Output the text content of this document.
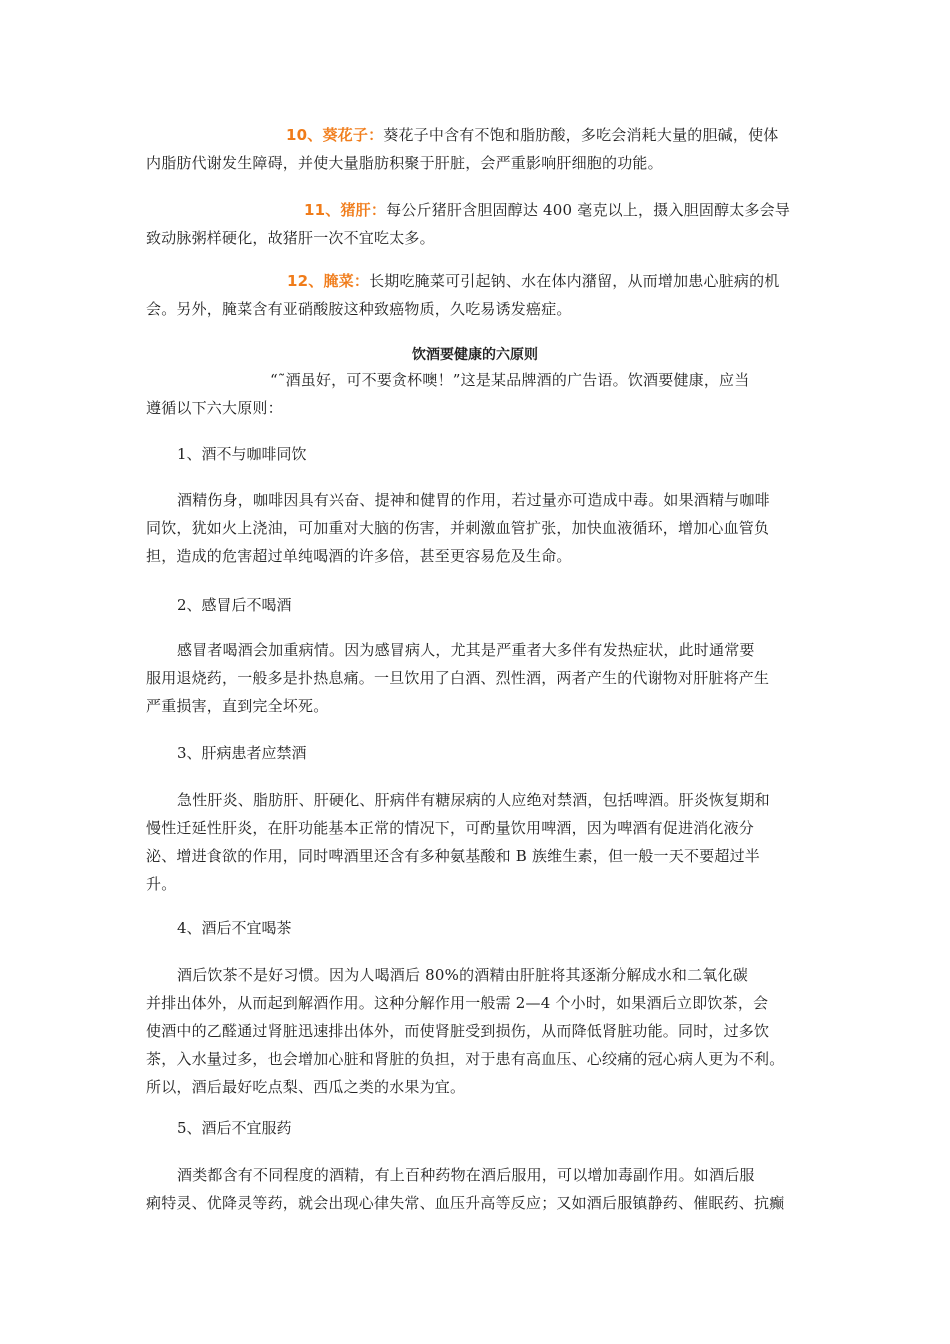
10、葵花子：葵花子中含有不饱和脂肪酸，多吃会消耗大量的胆碱，使体
内脂肪代谢发生障碍，并使大量脂肪积聚于肝脏，会严重影响肝细胞的功能。

11、猪肝：每公斤猪肝含胆固醇达 400 毫克以上，摄入胆固醇太多会导
致动脉粥样硬化，故猪肝一次不宜吃太多。

12、腌菜：长期吃腌菜可引起钠、水在体内潴留，从而增加患心脏病的机
会。另外，腌菜含有亚硝酸胺这种致癌物质，久吃易诱发癌症。

饮酒要健康的六原则

“˜酒虽好，可不要贪杯噢！”这是某品牌酒的广告语。饮酒要健康，应当
遵循以下六大原则：

1、酒不与咖啡同饮

酒精伤身，咖啡因具有兴奋、提神和健胃的作用，若过量亦可造成中毒。如果酒精与咖啡
同饮，犹如火上浇油，可加重对大脑的伤害，并刺激血管扩张，加快血液循环，增加心血管负
担，造成的危害超过单纯喝酒的许多倍，甚至更容易危及生命。

2、感冒后不喝酒

感冒者喝酒会加重病情。因为感冒病人，尤其是严重者大多伴有发热症状，此时通常要
服用退烧药，一般多是扑热息痛。一旦饮用了白酒、烈性酒，两者产生的代谢物对肝脏将产生
严重损害，直到完全坏死。

3、肝病患者应禁酒

急性肝炎、脂肪肝、肝硬化、肝病伴有糖尿病的人应绝对禁酒，包括啤酒。肝炎恢复期和
慢性迁延性肝炎，在肝功能基本正常的情况下，可酌量饮用啤酒，因为啤酒有促进消化液分
泌、增进食欲的作用，同时啤酒里还含有多种氨基酸和 B 族维生素，但一般一天不要超过半
升。

4、酒后不宜喝茶

酒后饮茶不是好习惯。因为人喝酒后 80%的酒精由肝脏将其逐渐分解成水和二氧化碳
并排出体外，从而起到解酒作用。这种分解作用一般需 2—4 个小时，如果酒后立即饮茶，会
使酒中的乙醛通过肾脏迅速排出体外，而使肾脏受到损伤，从而降低肾脏功能。同时，过多饮
茶，入水量过多，也会增加心脏和肾脏的负担，对于患有高血压、心绞痛的冠心病人更为不利。
所以，酒后最好吃点梨、西瓜之类的水果为宜。

5、酒后不宜服药

酒类都含有不同程度的酒精，有上百种药物在酒后服用，可以增加毒副作用。如酒后服
痢特灵、优降灵等药，就会出现心律失常、血压升高等反应；又如酒后服镇静药、催眠药、抗癫
